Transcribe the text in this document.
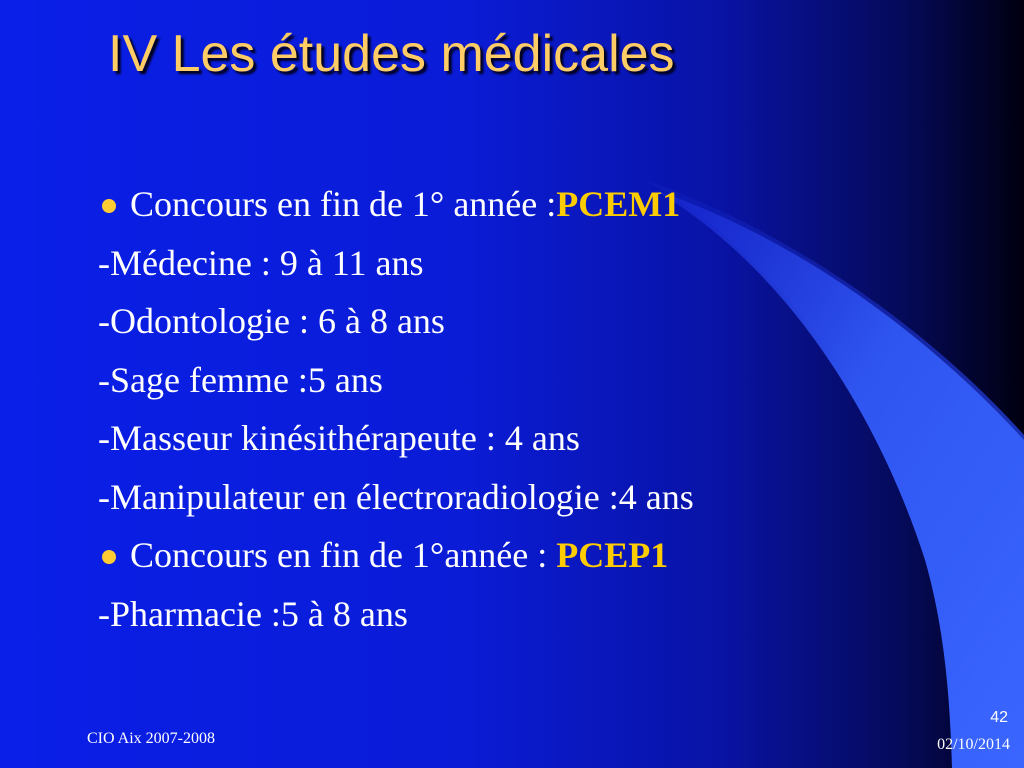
IV Les études médicales
Concours en fin de 1° année :PCEM1
-Médecine : 9 à 11 ans
-Odontologie : 6 à 8 ans
-Sage femme :5 ans
-Masseur kinésithérapeute : 4 ans
-Manipulateur en électroradiologie :4 ans
Concours en fin de 1°année : PCEP1
-Pharmacie :5 à 8 ans
CIO Aix 2007-2008
42
02/10/2014
